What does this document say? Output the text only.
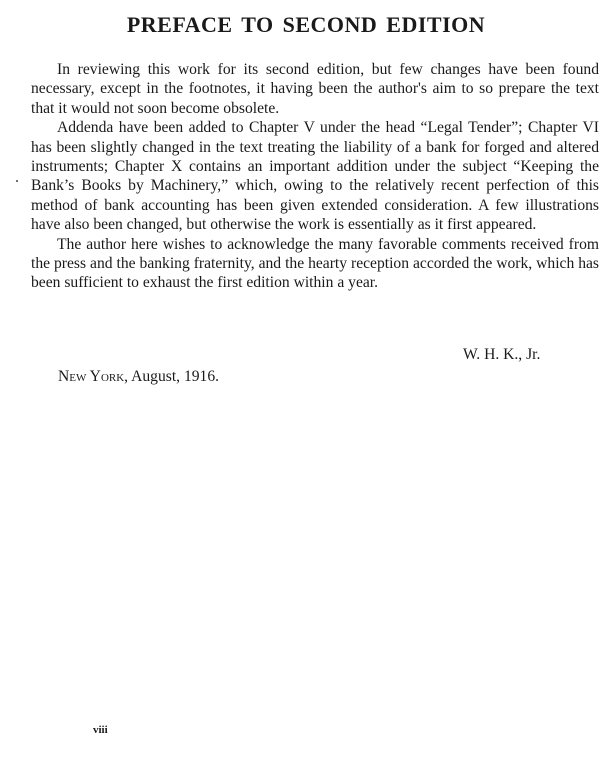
PREFACE TO SECOND EDITION

In reviewing this work for its second edition, but few changes have been found necessary, except in the footnotes, it having been the author's aim to so prepare the text that it would not soon become obsolete.

Addenda have been added to Chapter V under the head “Legal Tender”; Chapter VI has been slightly changed in the text treating the liability of a bank for forged and altered instruments; Chapter X contains an important addition under the subject “Keeping the Bank’s Books by Machinery,” which, owing to the relatively recent perfection of this method of bank accounting has been given extended consideration. A few illustrations have also been changed, but otherwise the work is essentially as it first appeared.

The author here wishes to acknowledge the many favorable comments received from the press and the banking fraternity, and the hearty reception accorded the work, which has been sufficient to exhaust the first edition within a year.

W. H. K., Jr.

New York, August, 1916.

viii
